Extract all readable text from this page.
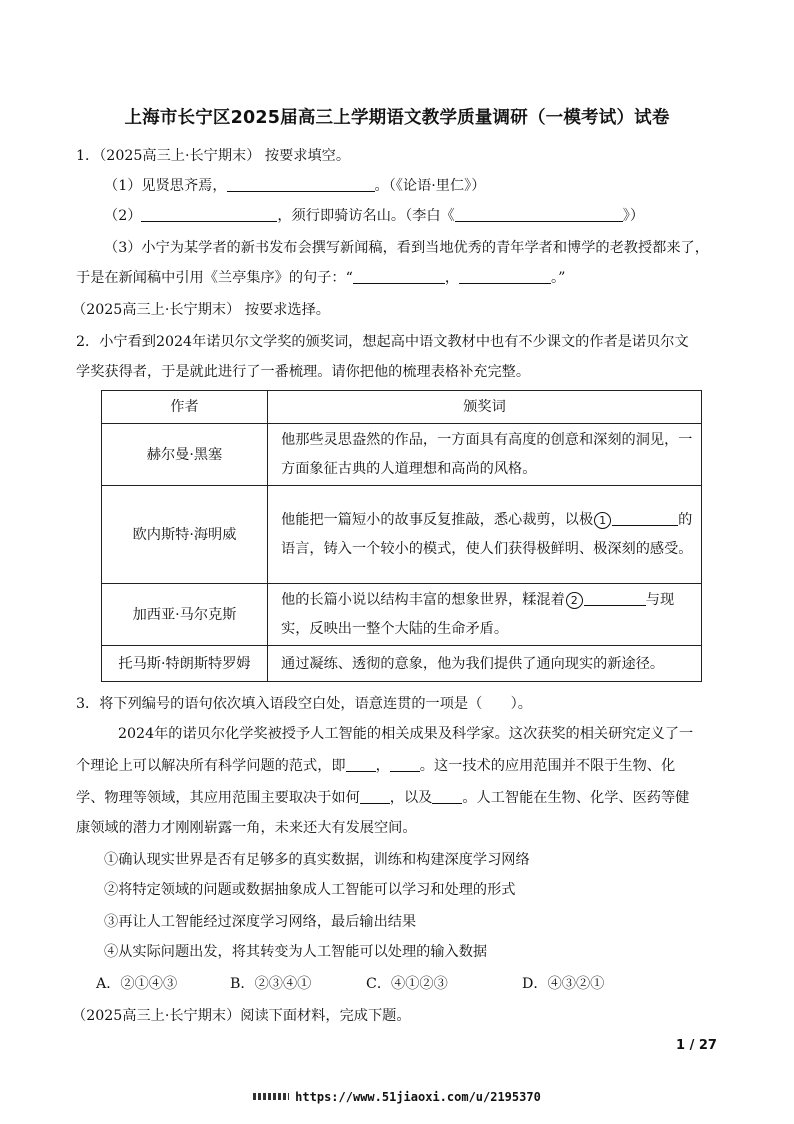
上海市长宁区2025届高三上学期语文教学质量调研（一模考试）试卷
1．（2025高三上·长宁期末） 按要求填空。
（1）见贤思齐焉，	。（《论语·里仁》）
（2）	，须行即骑访名山。（李白《	》）
（3）小宁为某学者的新书发布会撰写新闻稿，看到当地优秀的青年学者和博学的老教授都来了，
于是在新闻稿中引用《兰亭集序》的句子：“	，	。”
（2025高三上·长宁期末） 按要求选择。
2．小宁看到2024年诺贝尔文学奖的颁奖词，想起高中语文教材中也有不少课文的作者是诺贝尔文
学奖获得者，于是就此进行了一番梳理。请你把他的梳理表格补充完整。
作者	颁奖词
赫尔曼·黑塞	他那些灵思盎然的作品，一方面具有高度的创意和深刻的洞见，一方面象征古典的人道理想和高尚的风格。
欧内斯特·海明威	他能把一篇短小的故事反复推敲，悉心裁剪，以极 1 的语言，铸入一个较小的模式，使人们获得极鲜明、极深刻的感受。
加西亚·马尔克斯	他的长篇小说以结构丰富的想象世界，糅混着 2 与现实，反映出一整个大陆的生命矛盾。
托马斯·特朗斯特罗姆	通过凝练、透彻的意象，他为我们提供了通向现实的新途径。
3．将下列编号的语句依次填入语段空白处，语意连贯的一项是（　　）。
2024年的诺贝尔化学奖被授予人工智能的相关成果及科学家。这次获奖的相关研究定义了一
个理论上可以解决所有科学问题的范式，即 ， 。这一技术的应用范围并不限于生物、化
学、物理等领域，其应用范围主要取决于如何 ，以及 。人工智能在生物、化学、医药等健
康领域的潜力才刚刚崭露一角，未来还大有发展空间。
①确认现实世界是否有足够多的真实数据，训练和构建深度学习网络
②将特定领域的问题或数据抽象成人工智能可以学习和处理的形式
③再让人工智能经过深度学习网络，最后输出结果
④从实际问题出发，将其转变为人工智能可以处理的输入数据
A．②①④③	B．②③④①	C．④①②③	D．④③②①
（2025高三上·长宁期末）阅读下面材料，完成下题。
1 / 27
https://www.51jiaoxi.com/u/2195370
